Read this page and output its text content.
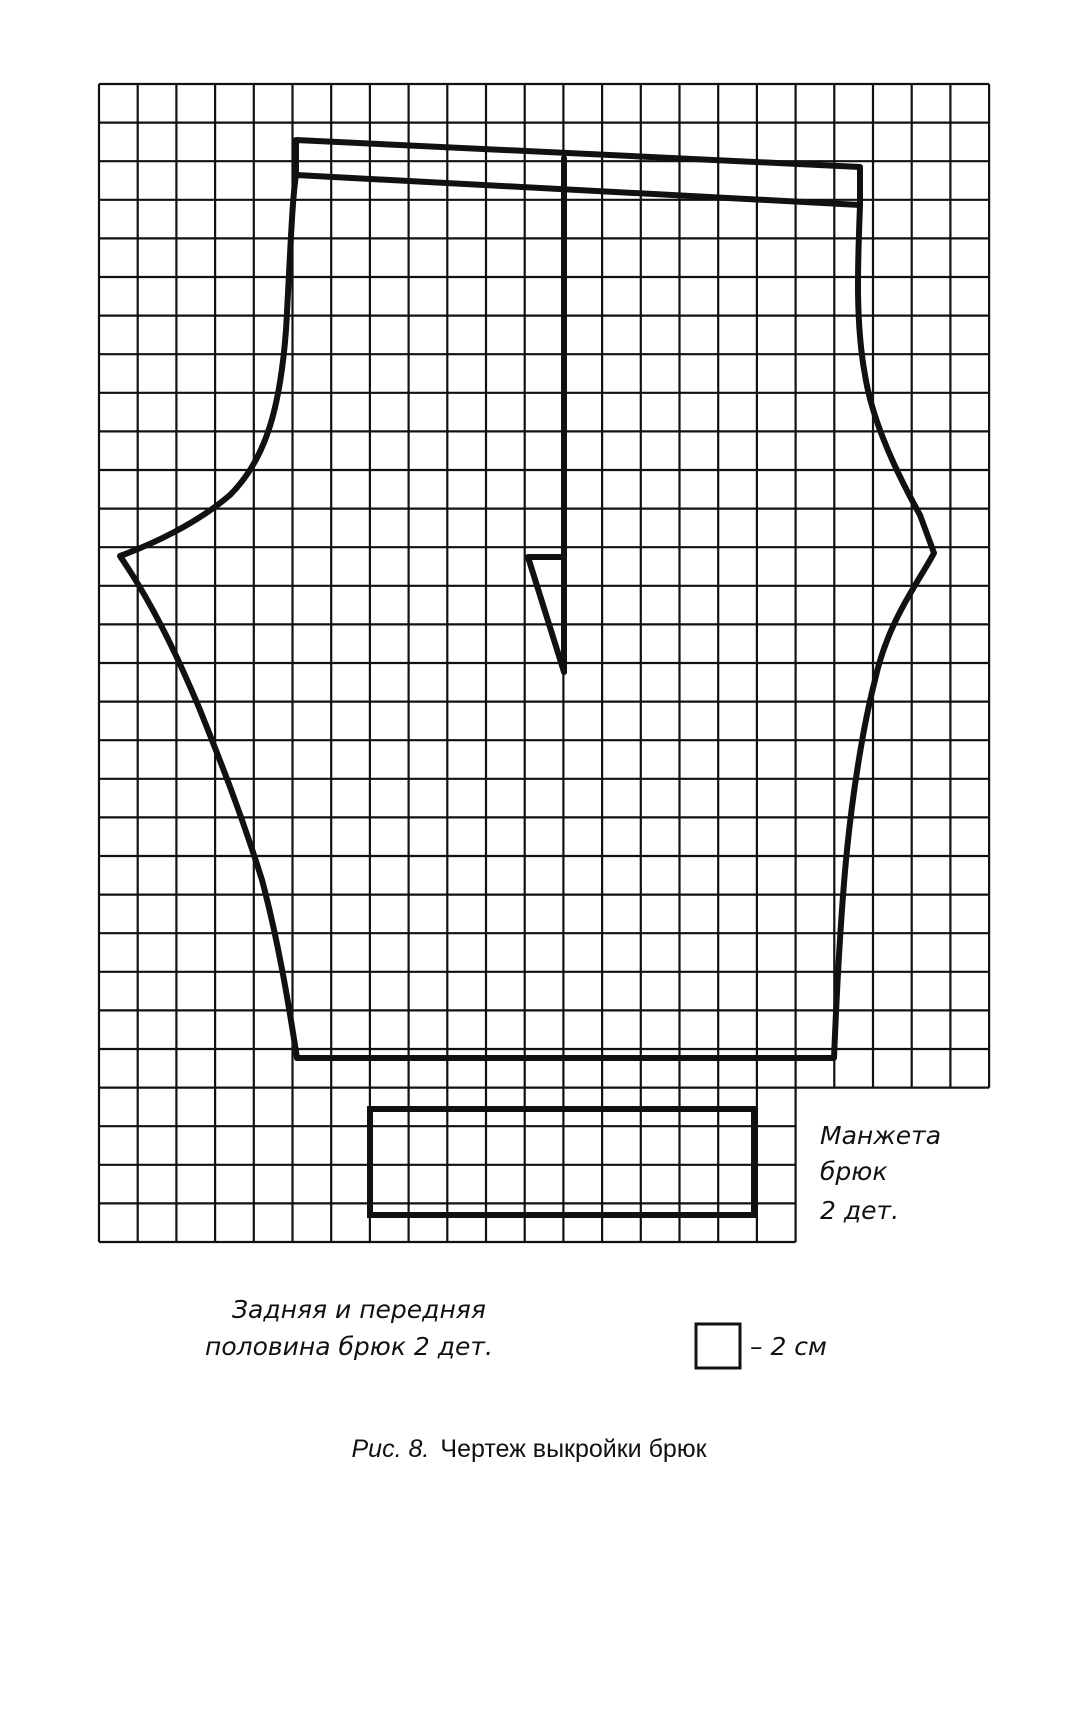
Манжета
брюк
2 дет.
Задняя и передняя
половина брюк 2 дет.	– 2 см
Рис. 8. Чертеж выкройки брюк
